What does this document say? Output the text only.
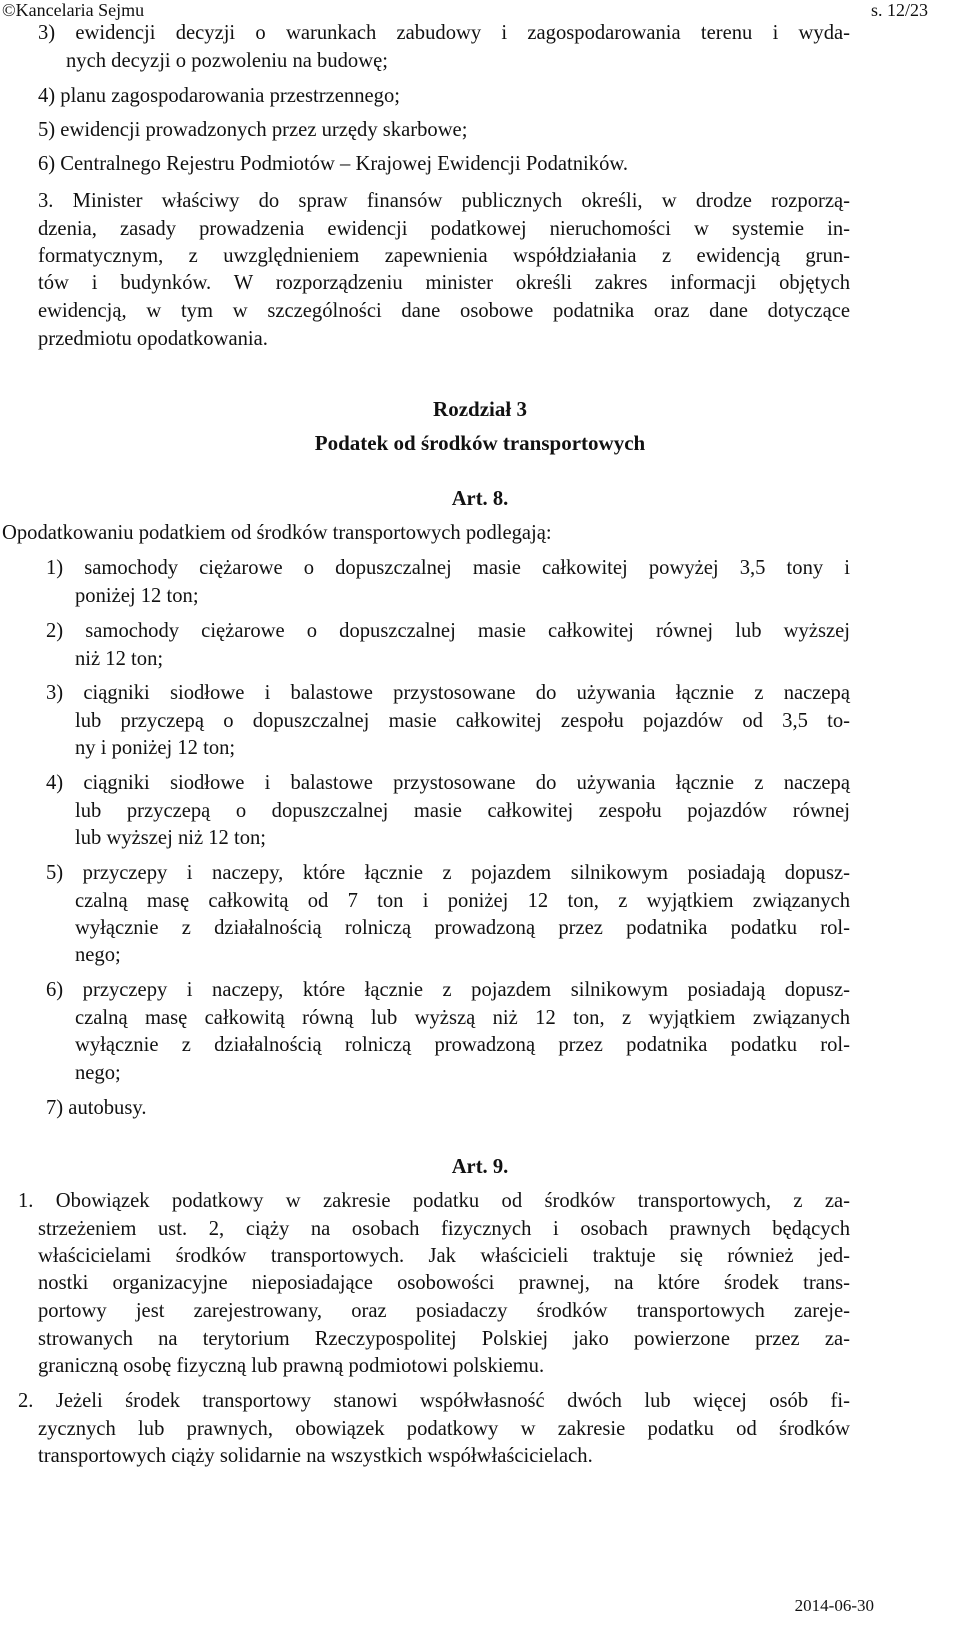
©Kancelaria Sejmu	s. 12/23
3) ewidencji decyzji o warunkach zabudowy i zagospodarowania terenu i wyda-
nych decyzji o pozwoleniu na budowę;
4) planu zagospodarowania przestrzennego;
5) ewidencji prowadzonych przez urzędy skarbowe;
6) Centralnego Rejestru Podmiotów – Krajowej Ewidencji Podatników.
3. Minister właściwy do spraw finansów publicznych określi, w drodze rozporzą-
dzenia, zasady prowadzenia ewidencji podatkowej nieruchomości w systemie in-
formatycznym, z uwzględnieniem zapewnienia współdziałania z ewidencją grun-
tów i budynków. W rozporządzeniu minister określi zakres informacji objętych
ewidencją, w tym w szczególności dane osobowe podatnika oraz dane dotyczące
przedmiotu opodatkowania.
Rozdział 3
Podatek od środków transportowych
Art. 8.
Opodatkowaniu podatkiem od środków transportowych podlegają:
1) samochody ciężarowe o dopuszczalnej masie całkowitej powyżej 3,5 tony i
poniżej 12 ton;
2) samochody ciężarowe o dopuszczalnej masie całkowitej równej lub wyższej
niż 12 ton;
3) ciągniki siodłowe i balastowe przystosowane do używania łącznie z naczepą
lub przyczepą o dopuszczalnej masie całkowitej zespołu pojazdów od 3,5 to-
ny i poniżej 12 ton;
4) ciągniki siodłowe i balastowe przystosowane do używania łącznie z naczepą
lub przyczepą o dopuszczalnej masie całkowitej zespołu pojazdów równej
lub wyższej niż 12 ton;
5) przyczepy i naczepy, które łącznie z pojazdem silnikowym posiadają dopusz-
czalną masę całkowitą od 7 ton i poniżej 12 ton, z wyjątkiem związanych
wyłącznie z działalnością rolniczą prowadzoną przez podatnika podatku rol-
nego;
6) przyczepy i naczepy, które łącznie z pojazdem silnikowym posiadają dopusz-
czalną masę całkowitą równą lub wyższą niż 12 ton, z wyjątkiem związanych
wyłącznie z działalnością rolniczą prowadzoną przez podatnika podatku rol-
nego;
7) autobusy.
Art. 9.
1. Obowiązek podatkowy w zakresie podatku od środków transportowych, z za-
strzeżeniem ust. 2, ciąży na osobach fizycznych i osobach prawnych będących
właścicielami środków transportowych. Jak właścicieli traktuje się również jed-
nostki organizacyjne nieposiadające osobowości prawnej, na które środek trans-
portowy jest zarejestrowany, oraz posiadaczy środków transportowych zareje-
strowanych na terytorium Rzeczypospolitej Polskiej jako powierzone przez za-
graniczną osobę fizyczną lub prawną podmiotowi polskiemu.
2. Jeżeli środek transportowy stanowi współwłasność dwóch lub więcej osób fi-
zycznych lub prawnych, obowiązek podatkowy w zakresie podatku od środków
transportowych ciąży solidarnie na wszystkich współwłaścicielach.
2014-06-30
